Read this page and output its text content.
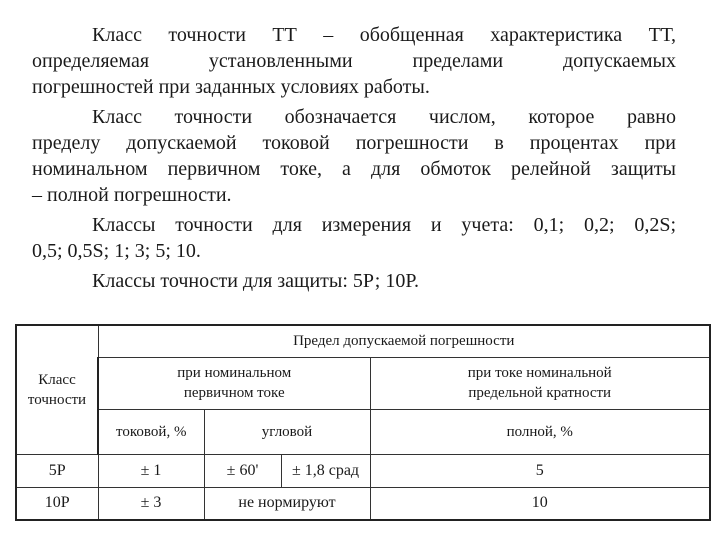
Класс точности ТТ – обобщенная характеристика ТТ,
определяемая установленными пределами допускаемых
погрешностей при заданных условиях работы.

Класс точности обозначается числом, которое равно
пределу допускаемой токовой погрешности в процентах при
номинальном первичном токе, а для обмоток релейной защиты
– полной погрешности.

Классы точности для измерения и учета: 0,1; 0,2; 0,2S;
0,5; 0,5S; 1; 3; 5; 10.

Классы точности для защиты: 5Р; 10Р.

Класс точности	Предел допускаемой погрешности			
	при номинальном первичном токе			при токе номинальной предельной кратности
	токовой, %	угловой		полной, %
5Р	± 1	± 60'	± 1,8 срад	5
10Р	± 3	не нормируют		10
